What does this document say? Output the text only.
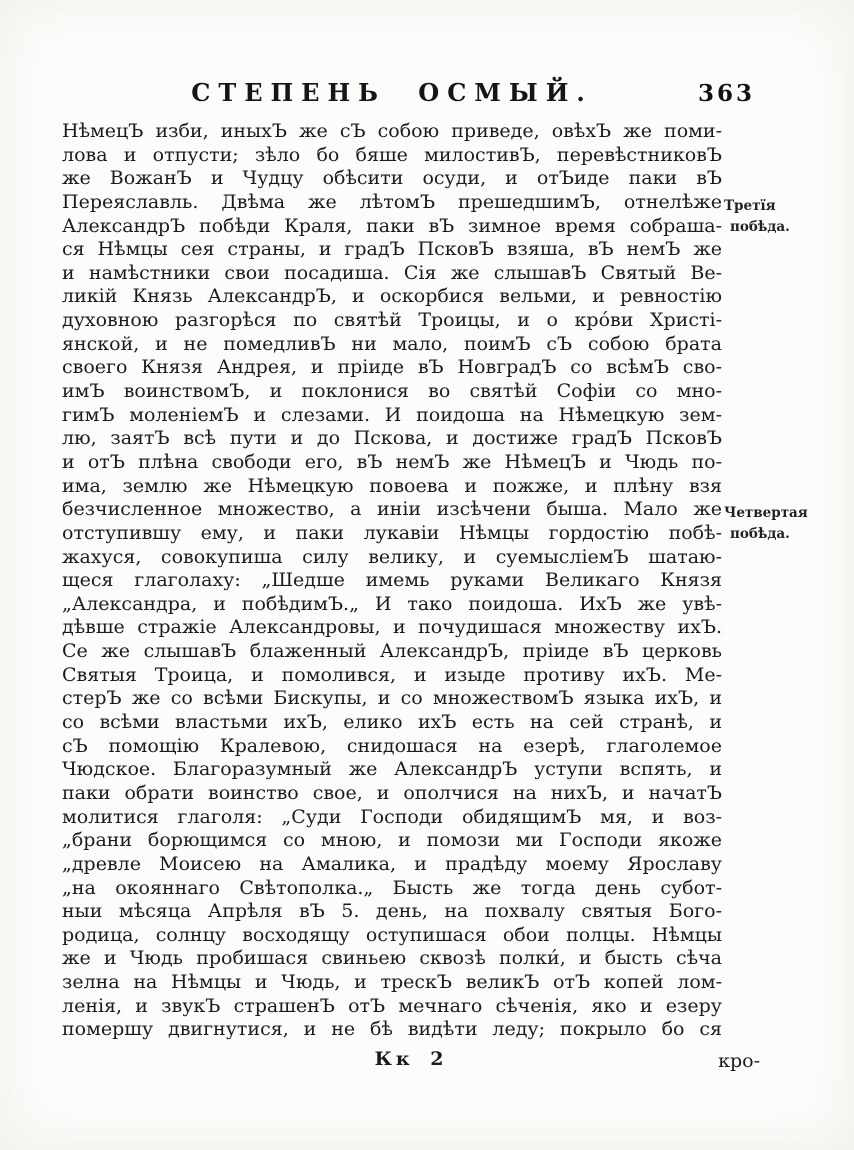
СТЕПЕНЬ ОСМЫЙ.	363
НѣмецЪ изби, иныхЪ же сЪ собою приведе, овѣхЪ же поми-
лова и отпусти; зѣло бо бяше милостивЪ, перевѣстниковЪ
же ВожанЪ и Чудцу обѣсити осуди, и отЪиде паки вЪ
Переяславль. Двѣма же лѣтомЪ прешедшимЪ, отнелѣже
АлександрЪ побѣди Краля, паки вЪ зимное время собраша-
ся Нѣмцы сея страны, и градЪ ПсковЪ взяша, вЪ немЪ же
и намѣстники свои посадиша. Сія же слышавЪ Святый Ве-
ликій Князь АлександрЪ, и оскорбися вельми, и ревностію
духовною разгорѣся по святѣй Троицы, и о кро́ви Христі-
янской, и не помедливЪ ни мало, поимЪ сЪ собою брата
своего Князя Андрея, и пріиде вЪ НовградЪ со всѣмЪ сво-
имЪ воинствомЪ, и поклонися во святѣй Софіи со мно-
гимЪ моленіемЪ и слезами. И поидоша на Нѣмецкую зем-
лю, заятЪ всѣ пути и до Пскова, и достиже градЪ ПсковЪ
и отЪ плѣна свободи его, вЪ немЪ же НѣмецЪ и Чюдь по-
има, землю же Нѣмецкую повоева и пожже, и плѣну взя
безчисленное множество, а иніи изсѣчени быша. Мало же
отступившу ему, и паки лукавіи Нѣмцы гордостію побѣ-
жахуся, совокупиша силу велику, и суемысліемЪ шатаю-
щеся глаголаху: „Шедше имемь руками Великаго Князя
„Александра, и побѣдимЪ.„ И тако поидоша. ИхЪ же увѣ-
дѣвше стражіе Александровы, и почудишася множеству ихЪ.
Се же слышавЪ блаженный АлександрЪ, пріиде вЪ церковь
Святыя Троица, и помолився, и изыде противу ихЪ. Ме-
стерЪ же со всѣми Бискупы, и со множествомЪ языка ихЪ, и
со всѣми властьми ихЪ, елико ихЪ есть на сей странѣ, и
сЪ помощію Кралевою, снидошася на езерѣ, глаголемое
Чюдское. Благоразумный же АлександрЪ уступи вспять, и
паки обрати воинство свое, и ополчися на нихЪ, и начатЪ
молитися глаголя: „Суди Господи обидящимЪ мя, и воз-
„брани борющимся со мною, и помози ми Господи якоже
„древле Моисею на Амалика, и прадѣду моему Ярославу
„на окояннаго Свѣтополка.„ Бысть же тогда день субот-
ныи мѣсяца Апрѣля вЪ 5. день, на похвалу святыя Бого-
родица, солнцу восходящу оступишася обои полцы. Нѣмцы
же и Чюдь пробишася свиньею сквозѣ полки́, и бысть сѣча
зелна на Нѣмцы и Чюдь, и трескЪ великЪ отЪ копей лом-
ленія, и звукЪ страшенЪ отЪ мечнаго сѣченія, яко и езеру
помершу двигнутися, и не бѣ видѣти леду; покрыло бо ся
Третїя
побѣда.
Четвертая
побѣда.
Кк 2	кро-
